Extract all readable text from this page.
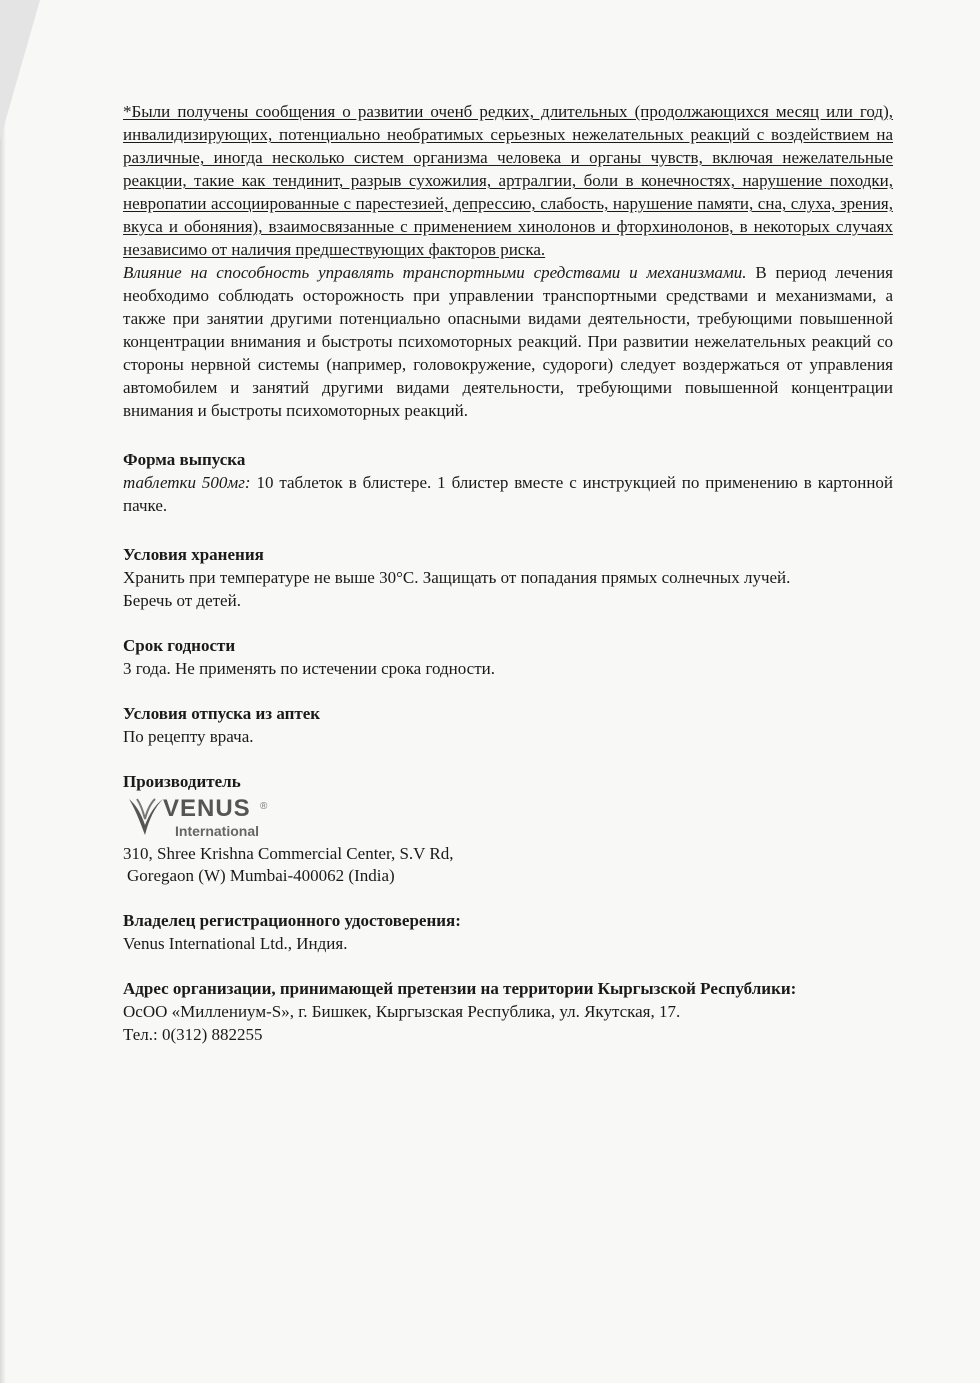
*Были получены сообщения о развитии оченб редких, длительных (продолжающихся месяц или год), инвалидизирующих, потенциально необратимых серьезных нежелательных реакций с воздействием на различные, иногда несколько систем организма человека и органы чувств, включая нежелательные реакции, такие как тендинит, разрыв сухожилия, артралгии, боли в конечностях, нарушение походки, невропатии ассоциированные с парестезией, депрессию, слабость, нарушение памяти, сна, слуха, зрения, вкуса и обоняния), взаимосвязанные с применением хинолонов и фторхинолонов, в некоторых случаях независимо от наличия предшествующих факторов риска.

Влияние на способность управлять транспортными средствами и механизмами. В период лечения необходимо соблюдать осторожность при управлении транспортными средствами и механизмами, а также при занятии другими потенциально опасными видами деятельности, требующими повышенной концентрации внимания и быстроты психомоторных реакций. При развитии нежелательных реакций со стороны нервной системы (например, головокружение, судороги) следует воздержаться от управления автомобилем и занятий другими видами деятельности, требующими повышенной концентрации внимания и быстроты психомоторных реакций.

Форма выпуска

таблетки 500мг: 10 таблеток в блистере. 1 блистер вместе с инструкцией по применению в картонной пачке.

Условия хранения

Хранить при температуре не выше 30°С. Защищать от попадания прямых солнечных лучей. Беречь от детей.

Срок годности

3 года. Не применять по истечении срока годности.

Условия отпуска из аптек

По рецепту врача.

Производитель

VENUS ®
International

310, Shree Krishna Commercial Center, S.V Rd,

Goregaon (W) Mumbai-400062 (India)

Владелец регистрационного удостоверения:

Venus International Ltd., Индия.

Адрес организации, принимающей претензии на территории Кыргызской Республики:

ОсОО «Миллениум-S», г. Бишкек, Кыргызская Республика, ул. Якутская, 17.

Тел.: 0(312) 882255
